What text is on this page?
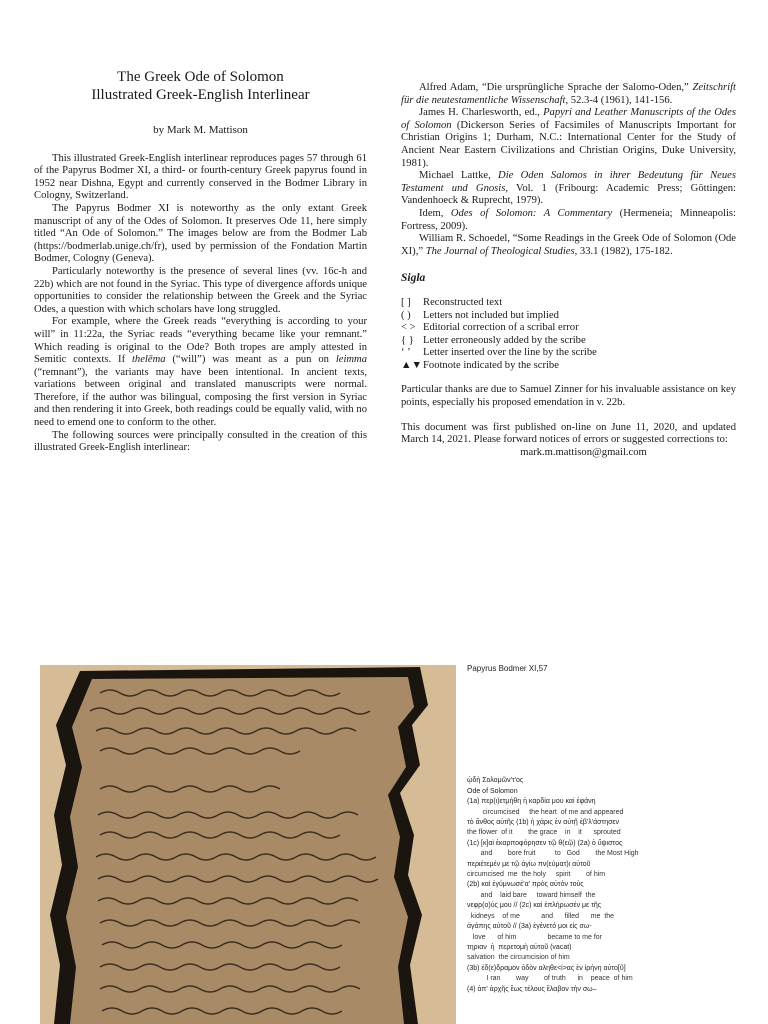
The Greek Ode of Solomon
Illustrated Greek-English Interlinear
by Mark M. Mattison

This illustrated Greek-English interlinear reproduces pages 57 through 61 of the Papyrus Bodmer XI, a third- or fourth-century Greek papyrus found in 1952 near Dishna, Egypt and currently conserved in the Bodmer Library in Cologny, Switzerland.

The Papyrus Bodmer XI is noteworthy as the only extant Greek manuscript of any of the Odes of Solomon. It preserves Ode 11, here simply titled “An Ode of Solomon.” The images below are from the Bodmer Lab (https://bodmerlab.unige.ch/fr), used by permission of the Fondation Martin Bodmer, Cologny (Geneva).

Particularly noteworthy is the presence of several lines (vv. 16c-h and 22b) which are not found in the Syriac. This type of divergence affords unique opportunities to consider the relationship between the Greek and the Syriac Odes, a question with which scholars have long struggled.

For example, where the Greek reads “everything is according to your will” in 11:22a, the Syriac reads “everything became like your remnant.” Which reading is original to the Ode? Both tropes are amply attested in Semitic contexts. If thelēma (“will”) was meant as a pun on leimma (“remnant”), the variants may have been intentional. In ancient texts, variations between original and translated manuscripts were normal. Therefore, if the author was bilingual, composing the first version in Syriac and then rendering it into Greek, both readings could be equally valid, with no need to emend one to conform to the other.

The following sources were principally consulted in the creation of this illustrated Greek-English interlinear:

Alfred Adam, “Die ursprüngliche Sprache der Salomo-Oden,” Zeitschrift für die neutestamentliche Wissenschaft, 52.3-4 (1961), 141-156.

James H. Charlesworth, ed., Papyri and Leather Manuscripts of the Odes of Solomon (Dickerson Series of Facsimiles of Manuscripts Important for Christian Origins 1; Durham, N.C.: International Center for the Study of Ancient Near Eastern Civilizations and Christian Origins, Duke University, 1981).

Michael Lattke, Die Oden Salomos in ihrer Bedeutung für Neues Testament und Gnosis, Vol. 1 (Fribourg: Academic Press; Göttingen: Vandenhoeck & Ruprecht, 1979).

Idem, Odes of Solomon: A Commentary (Hermeneia; Minneapolis: Fortress, 2009).

William R. Schoedel, “Some Readings in the Greek Ode of Solomon (Ode XI),” The Journal of Theological Studies, 33.1 (1982), 175-182.

Sigla
[ ]	Reconstructed text
( )	Letters not included but implied
< > Editorial correction of a scribal error
{ } Letter erroneously added by the scribe
‘ ’	Letter inserted over the line by the scribe
▲▼ Footnote indicated by the scribe

Particular thanks are due to Samuel Zinner for his invaluable assistance on key points, especially his proposed emendation in v. 22b.

This document was first published on-line on June 11, 2020, and updated March 14, 2021. Please forward notices of errors or suggested corrections to:

mark.m.mattison@gmail.com
Papyrus Bodmer XI,57
ᾠδὴ Σολομῶν'τ'ος
Ode of Solomon
(1a) περ(ι)ετμήθη ἡ καρδία μου καὶ ἐφάνη
circumcised     the heart  of me and appeared
τὸ ἄνθος αὐτῆς (1b) ἡ χάρις ἐν αὐτῇ ἐβ'λ'άστησεν
the flower  of it        the grace    in    it      sprouted
(1c) [κ]αὶ ἐκαρποφόρησεν τῷ θ(εῷ) (2a) ὁ ὕψιστος
and        bore fruit          to   God        the Most High
περιέτεμέν με τῷ ἁγίω πν(εύματ)ι αὐτοῦ
circumcised  me  the holy     spirit        of him
(2b) καὶ ἐγύμνωσέ'α' πρὸς αὐτὸν τοὺς
and    laid bare     toward himself  the
νεφρ(ο)ύς μου // (2c) καὶ ἐπλήρωσέν με τῆς
kidneys    of me           and      filled      me  the
ἀγάπης αὐτοῦ // (3a) ἐγένετό μοι εἰς σω-
love      of him                became to me for
τηριαν  ἡ  περετομὴ αὐτοῦ (vacat)
salvation  the circumcision of him
(3b) ἐδ(ε)δραμον ὁδὸν αληθε<ί>ας ἐν ἰρήνη αὐτο[ῦ]
I ran        way        of truth      in    peace  of him
(4) ἀπ' ἀρχῆς ἕως τέλους ἔλαβον τὴν σω–
